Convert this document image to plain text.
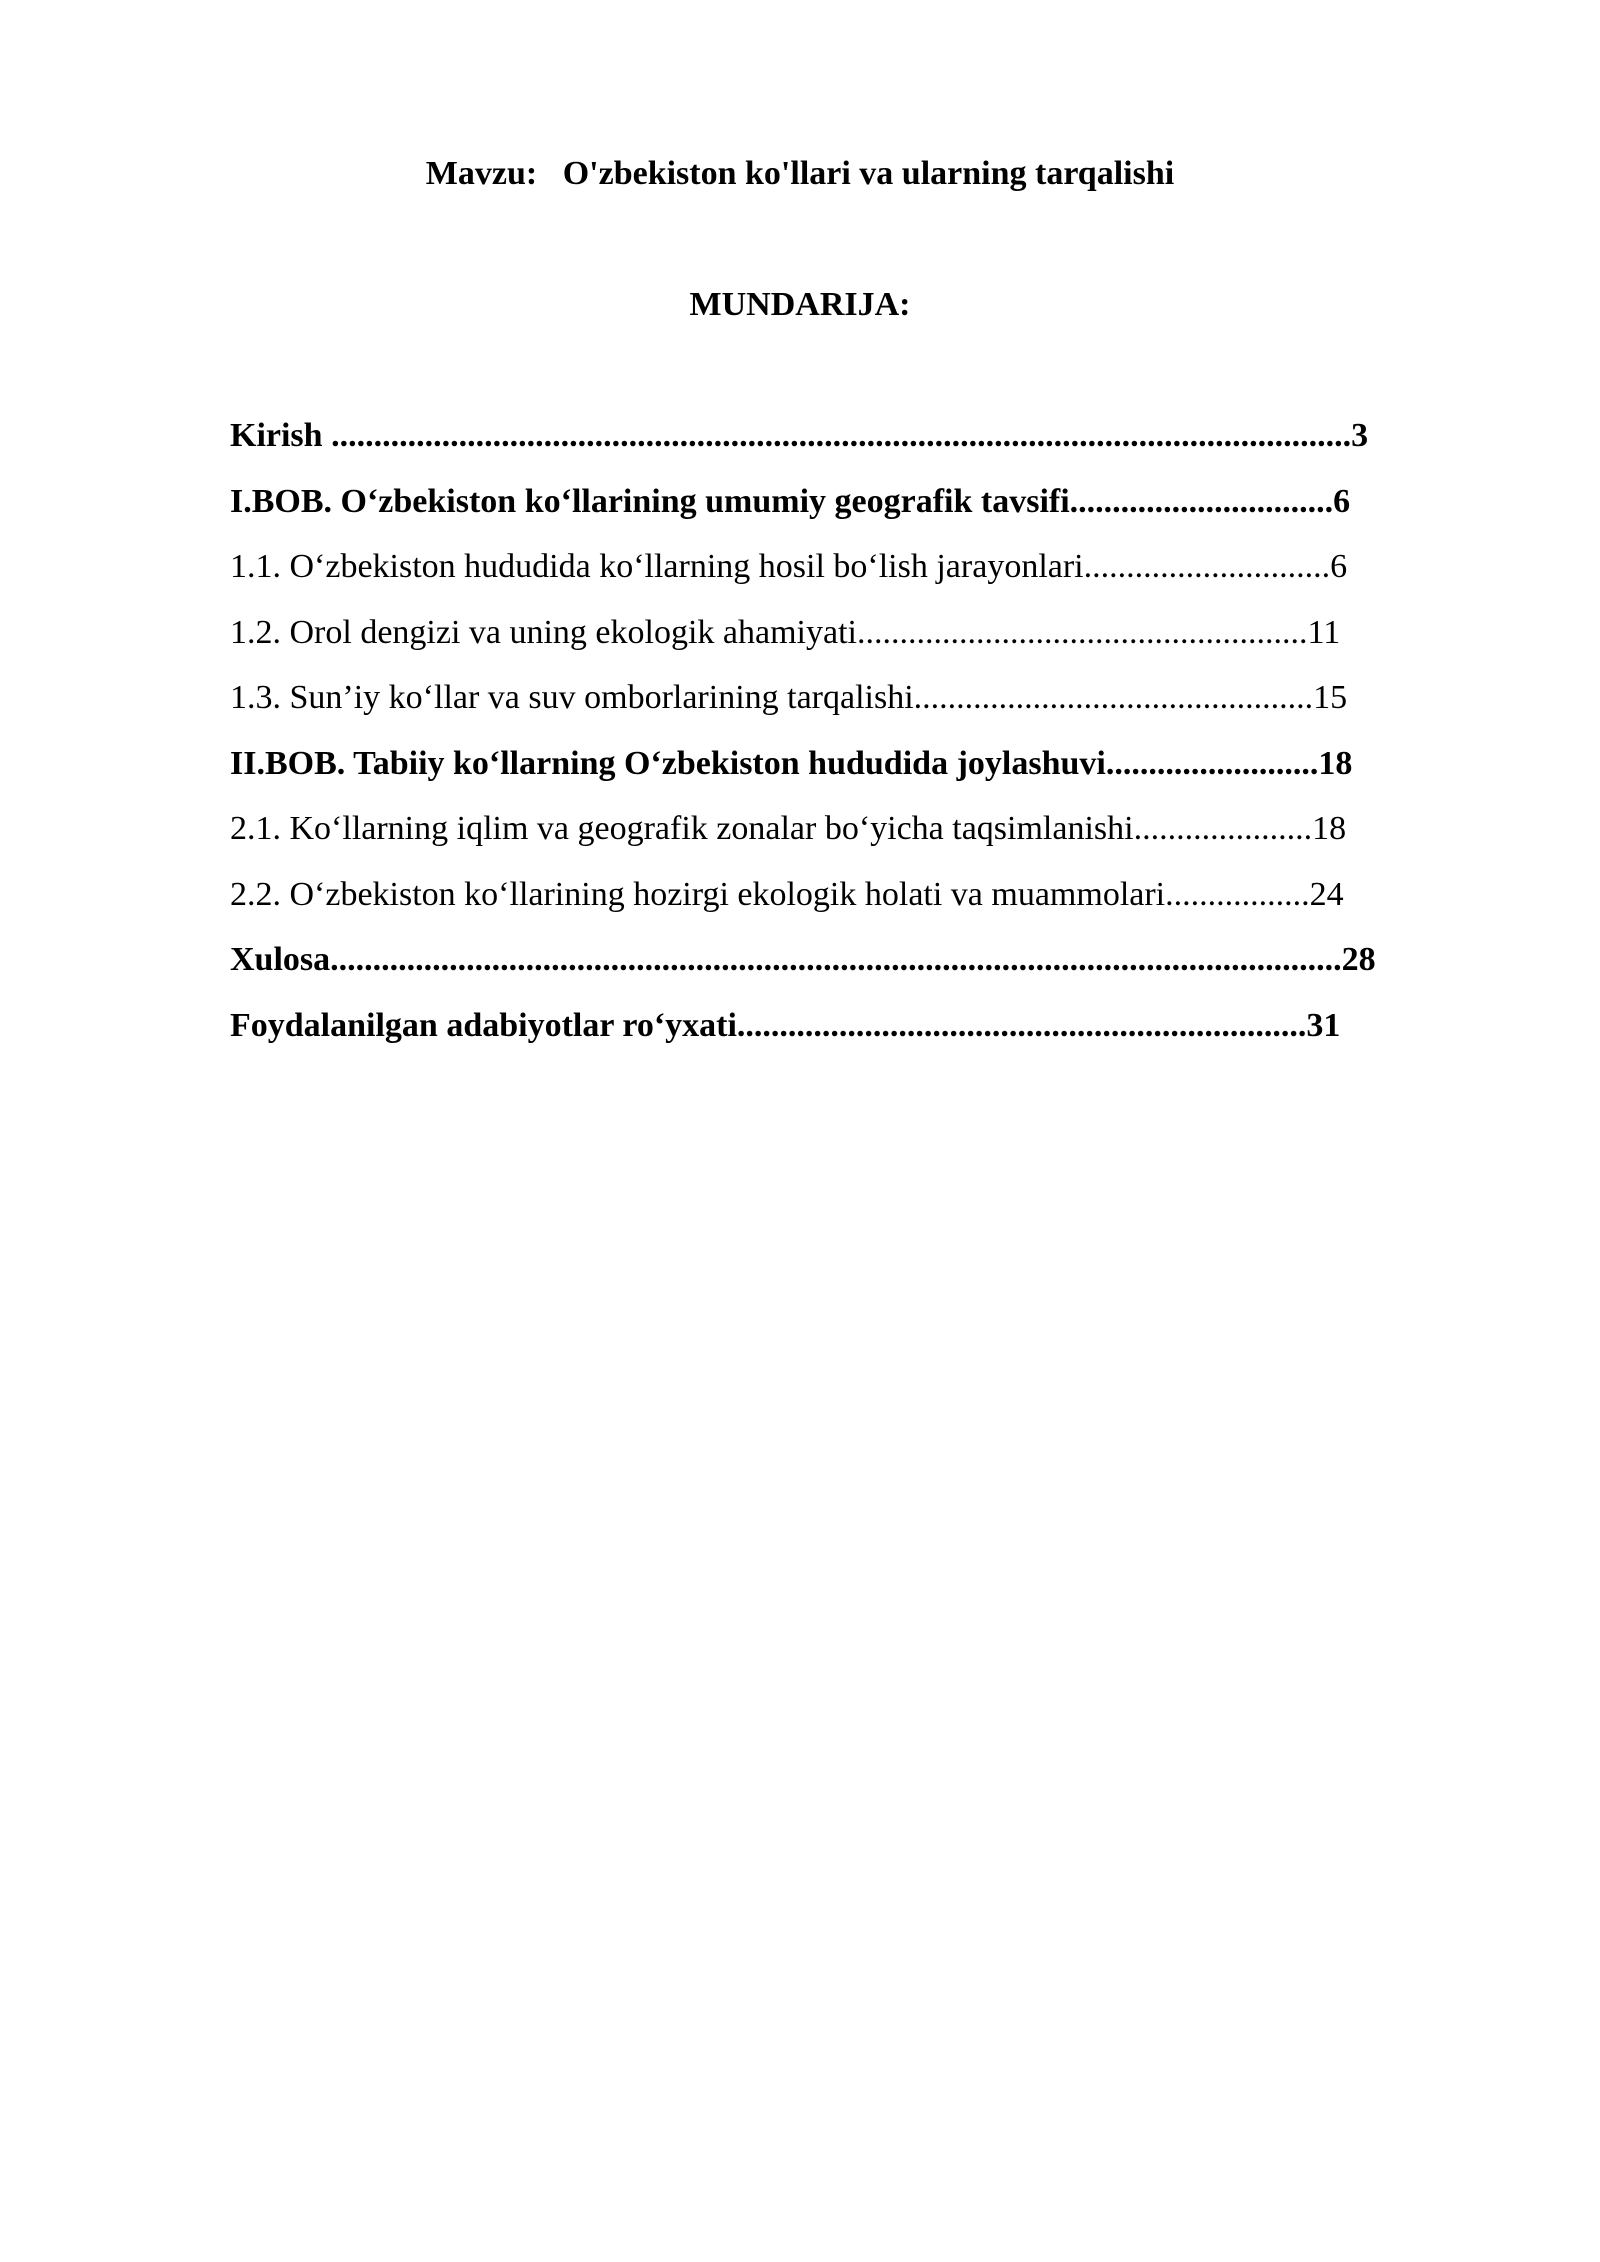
Mavzu:   O'zbekiston ko'llari va ularning tarqalishi
MUNDARIJA:
Kirish ........................................................................................................................3
I.BOB. O‘zbekiston ko‘llarining umumiy geografik tavsifi...............................6
1.1. O‘zbekiston hududida ko‘llarning hosil bo‘lish jarayonlari.............................6
1.2. Orol dengizi va uning ekologik ahamiyati.....................................................11
1.3. Sun’iy ko‘llar va suv omborlarining tarqalishi...............................................15
II.BOB. Tabiiy ko‘llarning O‘zbekiston hududida joylashuvi.........................18
2.1. Ko‘llarning iqlim va geografik zonalar bo‘yicha taqsimlanishi.....................18
2.2. O‘zbekiston ko‘llarining hozirgi ekologik holati va muammolari.................24
Xulosa.......................................................................................................................28
Foydalanilgan adabiyotlar ro‘yxati...................................................................31
